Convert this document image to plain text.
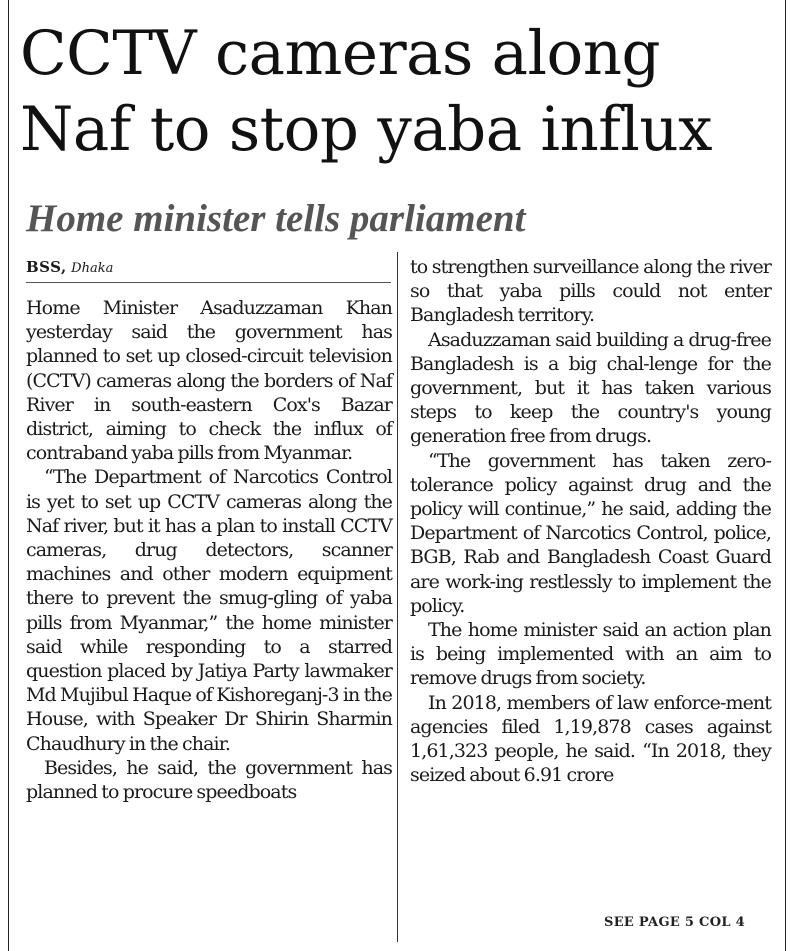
CCTV cameras along
Naf to stop yaba influx
Home minister tells parliament
BSS, Dhaka

Home Minister Asaduzzaman Khan yesterday said the government has planned to set up closed-circuit television (CCTV) cameras along the borders of Naf River in south-eastern Cox's Bazar district, aiming to check the influx of contraband yaba pills from Myanmar.

“The Department of Narcotics Control is yet to set up CCTV cameras along the Naf river, but it has a plan to install CCTV cameras, drug detectors, scanner machines and other modern equipment there to prevent the smug-gling of yaba pills from Myanmar,” the home minister said while responding to a starred question placed by Jatiya Party lawmaker Md Mujibul Haque of Kishoreganj-3 in the House, with Speaker Dr Shirin Sharmin Chaudhury in the chair.

Besides, he said, the government has planned to procure speedboats

to strengthen surveillance along the river so that yaba pills could not enter Bangladesh territory.

Asaduzzaman said building a drug-free Bangladesh is a big chal-lenge for the government, but it has taken various steps to keep the country's young generation free from drugs.

“The government has taken zero-tolerance policy against drug and the policy will continue,” he said, adding the Department of Narcotics Control, police, BGB, Rab and Bangladesh Coast Guard are work-ing restlessly to implement the policy.

The home minister said an action plan is being implemented with an aim to remove drugs from society.

In 2018, members of law enforce-ment agencies filed 1,19,878 cases against 1,61,323 people, he said. “In 2018, they seized about 6.91 crore

SEE PAGE 5 COL 4
